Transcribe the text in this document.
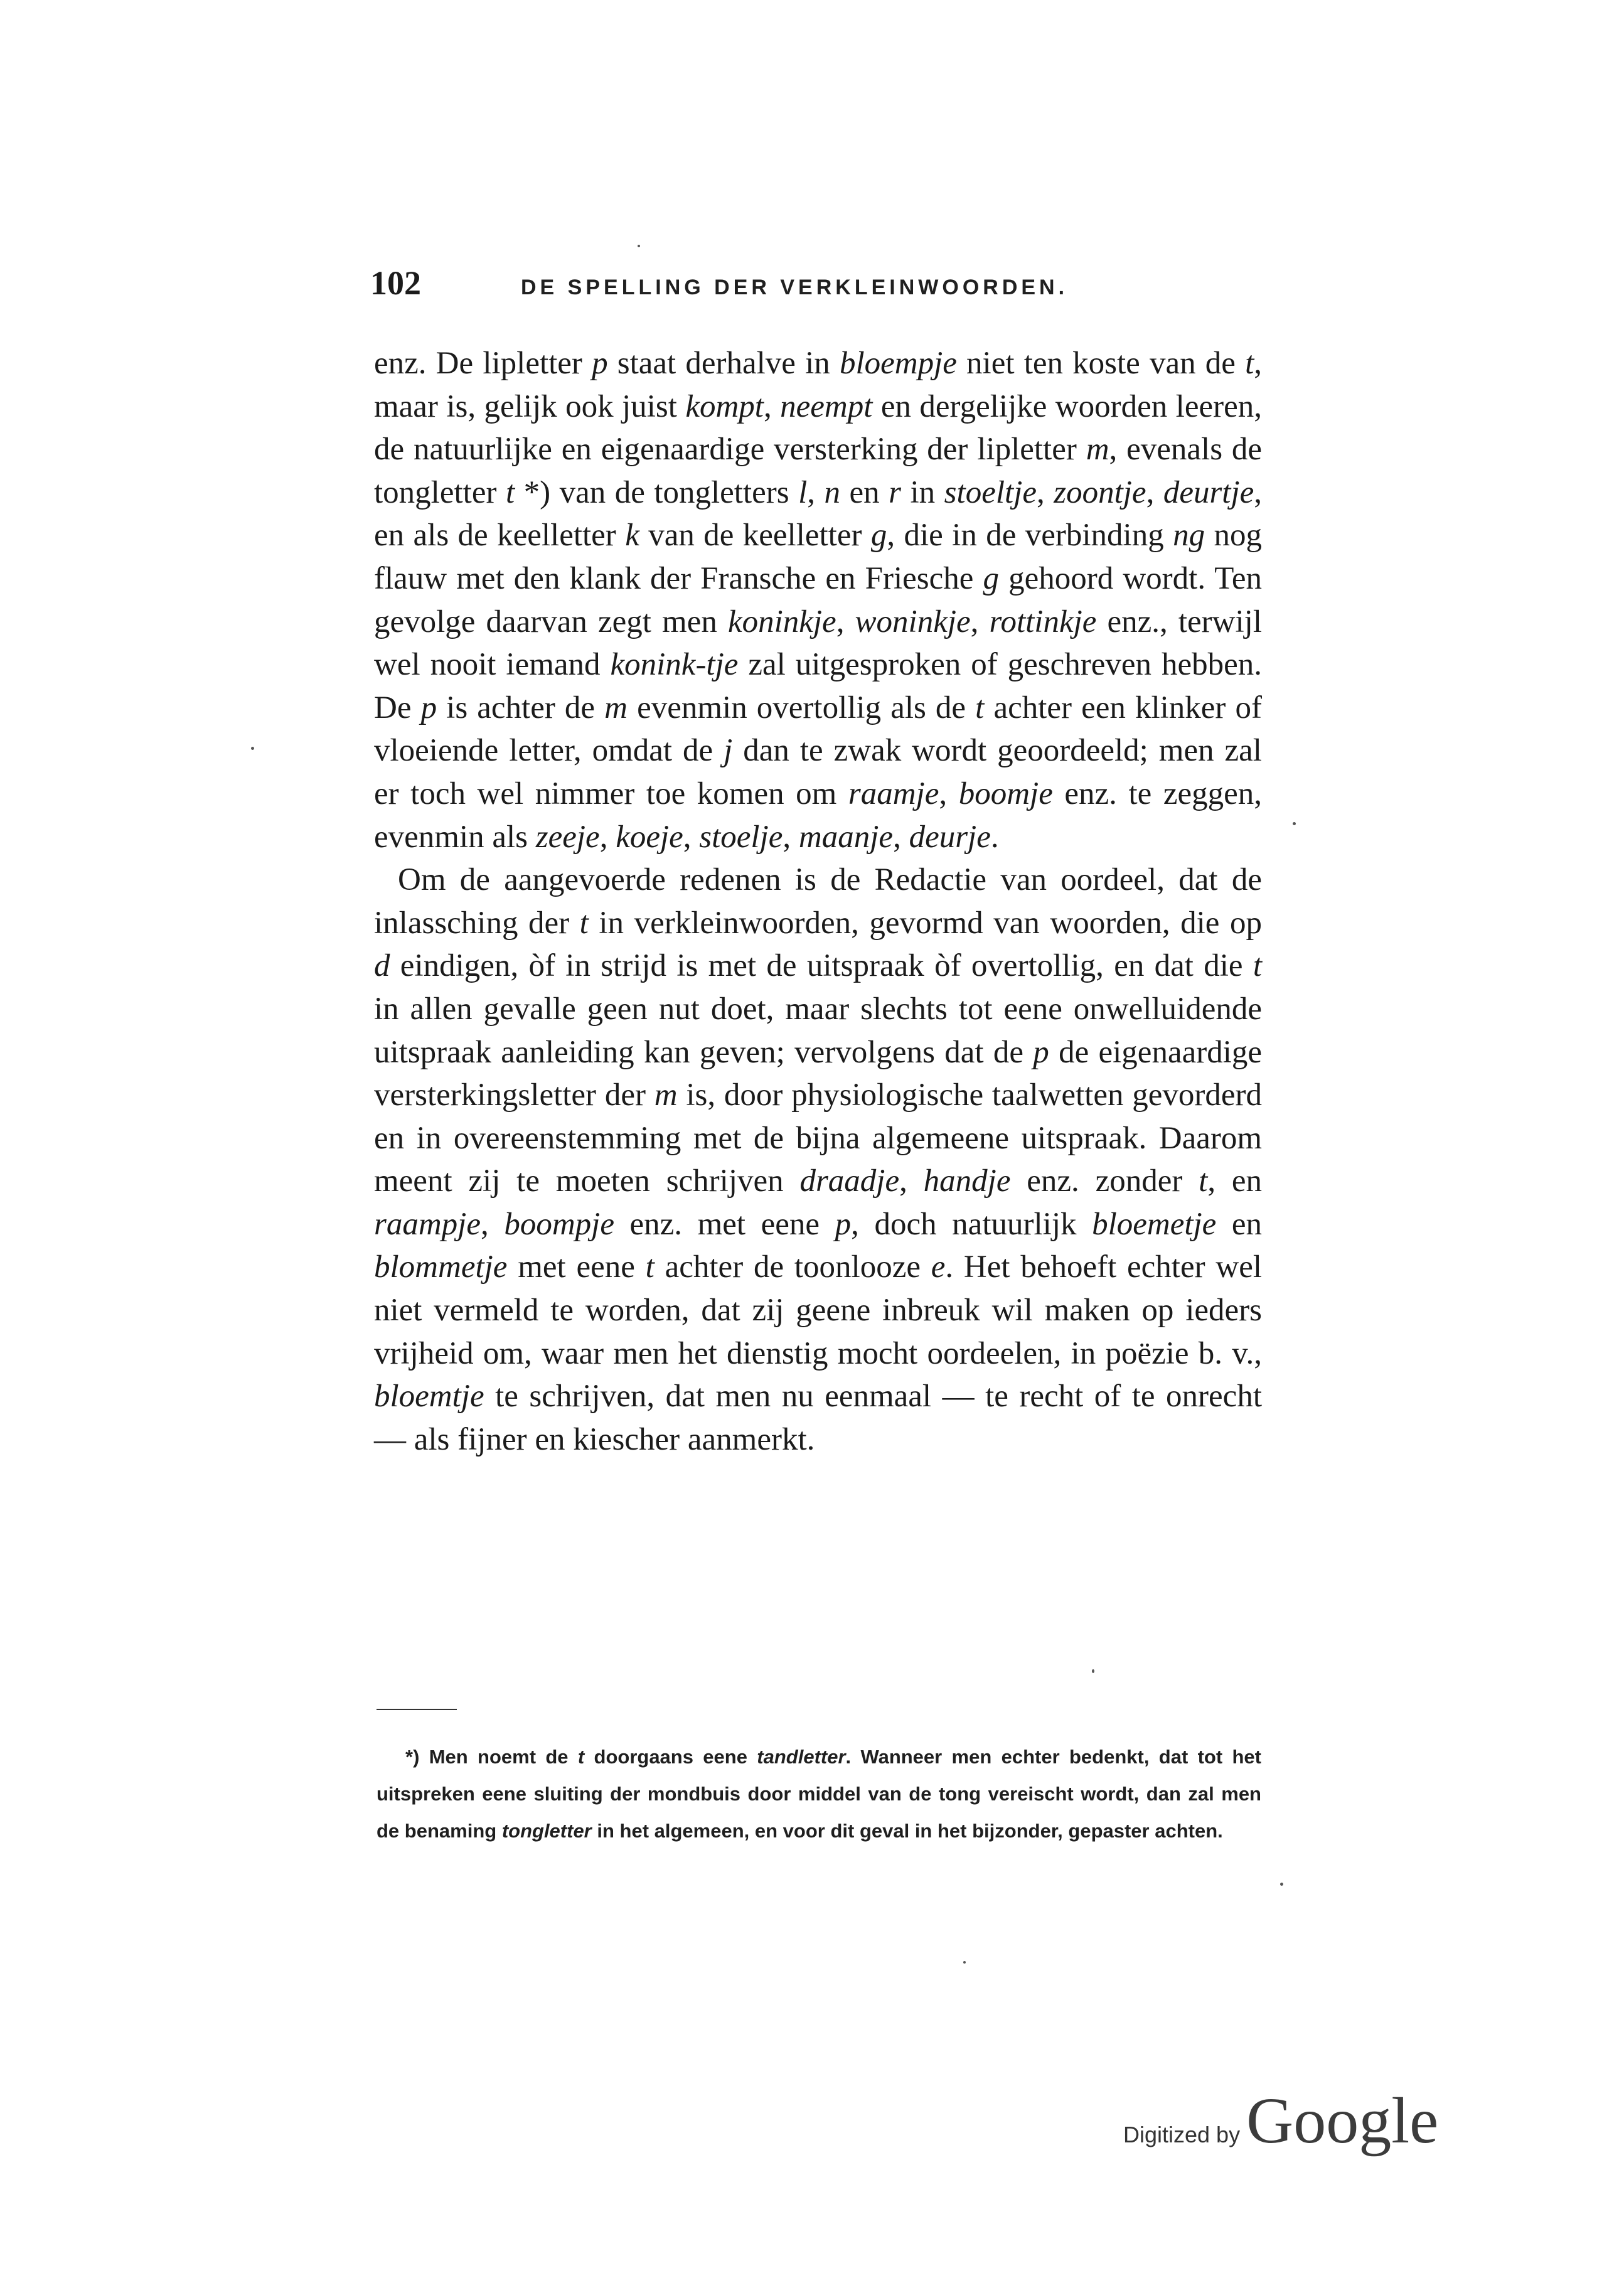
102	DE SPELLING DER VERKLEINWOORDEN.

enz. De lipletter p staat derhalve in bloempje niet ten koste van de t, maar is, gelijk ook juist kompt, neempt en dergelijke woorden leeren, de natuurlijke en eigenaardige versterking der lipletter m, evenals de tongletter t *) van de tongletters l, n en r in stoeltje, zoontje, deurtje, en als de keelletter k van de keelletter g, die in de verbinding ng nog flauw met den klank der Fransche en Friesche g gehoord wordt. Ten gevolge daarvan zegt men koninkje, woninkje, rottinkje enz., terwijl wel nooit iemand konink-tje zal uitgesproken of geschreven hebben. De p is achter de m evenmin overtollig als de t achter een klinker of vloeiende letter, omdat de j dan te zwak wordt geoordeeld; men zal er toch wel nimmer toe komen om raamje, boomje enz. te zeggen, evenmin als zeeje, koeje, stoelje, maanje, deurje.

Om de aangevoerde redenen is de Redactie van oordeel, dat de inlassching der t in verkleinwoorden, gevormd van woorden, die op d eindigen, òf in strijd is met de uitspraak òf overtollig, en dat die t in allen gevalle geen nut doet, maar slechts tot eene onwelluidende uitspraak aanleiding kan geven; vervolgens dat de p de eigenaardige versterkingsletter der m is, door physiologische taalwetten gevorderd en in overeenstemming met de bijna algemeene uitspraak. Daarom meent zij te moeten schrijven draadje, handje enz. zonder t, en raampje, boompje enz. met eene p, doch natuurlijk bloemetje en blommetje met eene t achter de toonlooze e. Het behoeft echter wel niet vermeld te worden, dat zij geene inbreuk wil maken op ieders vrijheid om, waar men het dienstig mocht oordeelen, in poëzie b. v., bloemtje te schrijven, dat men nu eenmaal — te recht of te onrecht — als fijner en kiescher aanmerkt.

*) Men noemt de t doorgaans eene tandletter. Wanneer men echter bedenkt, dat tot het uitspreken eene sluiting der mondbuis door middel van de tong vereischt wordt, dan zal men de benaming tongletter in het algemeen, en voor dit geval in het bijzonder, gepaster achten.

Digitized by Google
